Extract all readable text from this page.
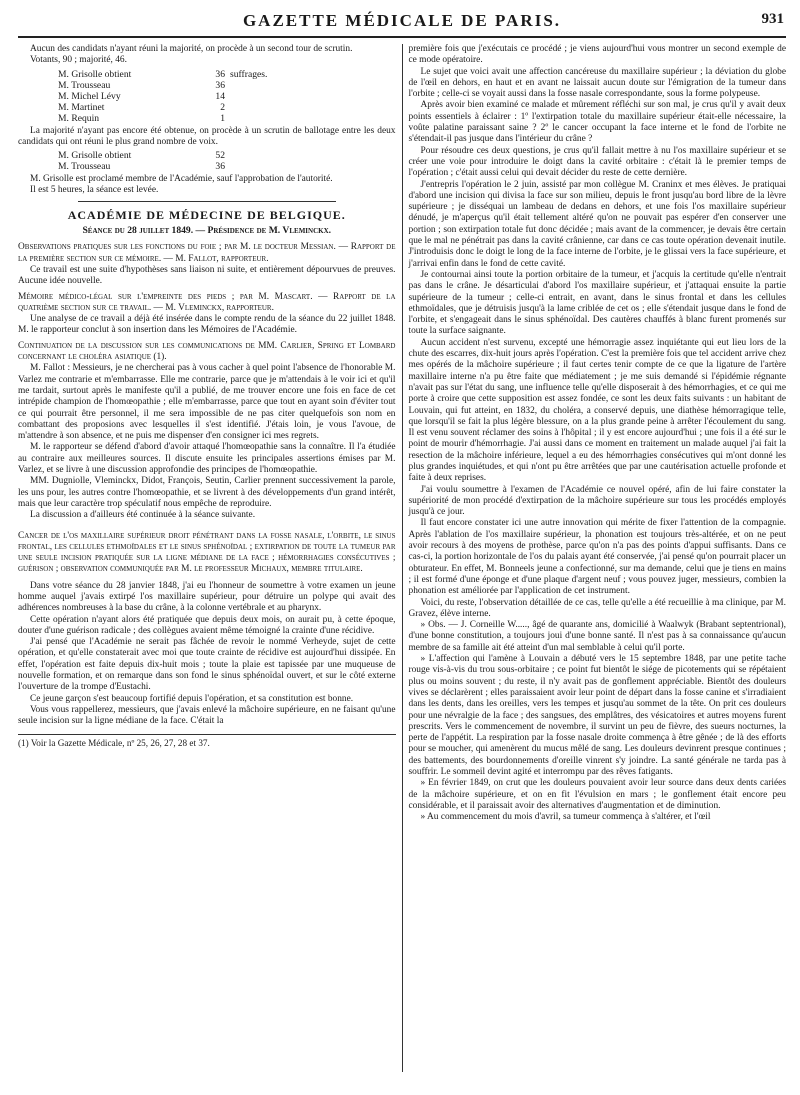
GAZETTE MÉDICALE DE PARIS.	931

Aucun des candidats n'ayant réuni la majorité, on procède à un second tour de scrutin.

Votants, 90 ; majorité, 46.

M. Grisolle obtient	36 suffrages.
M. Trousseau	36
M. Michel Lévy	14
M. Martinet	2
M. Requin	1

La majorité n'ayant pas encore été obtenue, on procède à un scrutin de ballotage entre les deux candidats qui ont réuni le plus grand nombre de voix.

M. Grisolle obtient	52
M. Trousseau	36

M. Grisolle est proclamé membre de l'Académie, sauf l'approbation de l'autorité.

Il est 5 heures, la séance est levée.

ACADÉMIE DE MÉDECINE DE BELGIQUE.
Séance du 28 juillet 1849. — Présidence de M. Vleminckx.

Observations pratiques sur les fonctions du foie ; par M. le docteur Messian. — Rapport de la première section sur ce mémoire. — M. Fallot, rapporteur.

Ce travail est une suite d'hypothèses sans liaison ni suite, et entièrement dépourvues de preuves. Aucune idée nouvelle.

Mémoire médico-légal sur l'empreinte des pieds ; par M. Mascart. — Rapport de la quatrième section sur ce travail. — M. Vleminckx, rapporteur.

Une analyse de ce travail a déjà été insérée dans le compte rendu de la séance du 22 juillet 1848. M. le rapporteur conclut à son insertion dans les Mémoires de l'Académie.

Continuation de la discussion sur les communications de MM. Carlier, Spring et Lombard concernant le choléra asiatique (1).

M. Fallot : Messieurs, je ne chercherai pas à vous cacher à quel point l'absence de l'honorable M. Varlez me contrarie et m'embarrasse. Elle me contrarie, parce que je m'attendais à le voir ici et qu'il me tardait, surtout après le manifeste qu'il a publié, de me trouver encore une fois en face de cet intrépide champion de l'homœopathie ; elle m'embarrasse, parce que tout en ayant soin d'éviter tout ce qui pourrait être personnel, il me sera impossible de ne pas citer quelquefois son nom en combattant des proposions avec lesquelles il s'est identifié. J'étais loin, je vous l'avoue, de m'attendre à son absence, et ne puis me dispenser d'en consigner ici mes regrets.

M. le rapporteur se défend d'abord d'avoir attaqué l'homœopathie sans la connaître. Il l'a étudiée au contraire aux meilleures sources. Il discute ensuite les principales assertions émises par M. Varlez, et se livre à une discussion approfondie des principes de l'homœopathie.

MM. Dugniolle, Vleminckx, Didot, François, Seutin, Carlier prennent successivement la parole, les uns pour, les autres contre l'homœopathie, et se livrent à des développements d'un grand intérêt, mais que leur caractère trop spéculatif nous empêche de reproduire.

La discussion a d'ailleurs été continuée à la séance suivante.

Cancer de l'os maxillaire supérieur droit pénétrant dans la fosse nasale, l'orbite, le sinus frontal, les cellules ethmoïdales et le sinus sphénoïdal ; extirpation de toute la tumeur par une seule incision pratiquée sur la ligne médiane de la face ; hémorrhagies consécutives ; guérison ; observation communiquée par M. le professeur Michaux, membre titulaire.

Dans votre séance du 28 janvier 1848, j'ai eu l'honneur de soumettre à votre examen un jeune homme auquel j'avais extirpé l'os maxillaire supérieur, pour détruire un polype qui avait des adhérences nombreuses à la base du crâne, à la colonne vertébrale et au pharynx.

Cette opération n'ayant alors été pratiquée que depuis deux mois, on aurait pu, à cette époque, douter d'une guérison radicale ; des collègues avaient même témoigné la crainte d'une récidive.

J'ai pensé que l'Académie ne serait pas fâchée de revoir le nommé Verheyde, sujet de cette opération, et qu'elle constaterait avec moi que toute crainte de récidive est aujourd'hui dissipée. En effet, l'opération est faite depuis dix-huit mois ; toute la plaie est tapissée par une muqueuse de nouvelle formation, et on remarque dans son fond le sinus sphénoïdal ouvert, et sur le côté externe l'ouverture de la trompe d'Eustachi.

Ce jeune garçon s'est beaucoup fortifié depuis l'opération, et sa constitution est bonne.

Vous vous rappellerez, messieurs, que j'avais enlevé la mâchoire supérieure, en ne faisant qu'une seule incision sur la ligne médiane de la face. C'était la

(1) Voir la Gazette Médicale, nº 25, 26, 27, 28 et 37.

première fois que j'exécutais ce procédé ; je viens aujourd'hui vous montrer un second exemple de ce mode opératoire.

Le sujet que voici avait une affection cancéreuse du maxillaire supérieur ; la déviation du globe de l'œil en dehors, en haut et en avant ne laissait aucun doute sur l'émigration de la tumeur dans l'orbite ; celle-ci se voyait aussi dans la fosse nasale correspondante, sous la forme polypeuse.

Après avoir bien examiné ce malade et mûrement réfléchi sur son mal, je crus qu'il y avait deux points essentiels à éclairer : 1º l'extirpation totale du maxillaire supérieur était-elle nécessaire, la voûte palatine paraissant saine ? 2º le cancer occupant la face interne et le fond de l'orbite ne s'étendait-il pas jusque dans l'intérieur du crâne ?

Pour résoudre ces deux questions, je crus qu'il fallait mettre à nu l'os maxillaire supérieur et se créer une voie pour introduire le doigt dans la cavité orbitaire : c'était là le premier temps de l'opération ; c'était aussi celui qui devait décider du reste de cette dernière.

J'entrepris l'opération le 2 juin, assisté par mon collègue M. Craninx et mes élèves. Je pratiquai d'abord une incision qui divisa la face sur son milieu, depuis le front jusqu'au bord libre de la lèvre supérieure ; je disséquai un lambeau de dedans en dehors, et une fois l'os maxillaire supérieur dénudé, je m'aperçus qu'il était tellement altéré qu'on ne pouvait pas espérer d'en conserver une portion ; son extirpation totale fut donc décidée ; mais avant de la commencer, je devais être certain que le mal ne pénétrait pas dans la cavité crânienne, car dans ce cas toute opération devenait inutile. J'introduisis donc le doigt le long de la face interne de l'orbite, je le glissai vers la face supérieure, et j'arrivai enfin dans le fond de cette cavité.

Je contournai ainsi toute la portion orbitaire de la tumeur, et j'acquis la certitude qu'elle n'entrait pas dans le crâne. Je désarticulai d'abord l'os maxillaire supérieur, et j'attaquai ensuite la partie supérieure de la tumeur ; celle-ci entrait, en avant, dans le sinus frontal et dans les cellules ethmoïdales, que je détruisis jusqu'à la lame criblée de cet os ; elle s'étendait jusque dans le fond de l'orbite, et s'engageait dans le sinus sphénoïdal. Des cautères chauffés à blanc furent promenés sur toute la surface saignante.

Aucun accident n'est survenu, excepté une hémorragie assez inquiétante qui eut lieu lors de la chute des escarres, dix-huit jours après l'opération. C'est la première fois que tel accident arrive chez mes opérés de la mâchoire supérieure ; il faut certes tenir compte de ce que la ligature de l'artère maxillaire interne n'a pu être faite que médiatement ; je me suis demandé si l'épidémie régnante n'avait pas sur l'état du sang, une influence telle qu'elle disposerait à des hémorrhagies, et ce qui me porte à croire que cette supposition est assez fondée, ce sont les deux faits suivants : un habitant de Louvain, qui fut atteint, en 1832, du choléra, a conservé depuis, une diathèse hémorragique telle, que lorsqu'il se fait la plus légère blessure, on a la plus grande peine à arrêter l'écoulement du sang. Il est venu souvent réclamer des soins à l'hôpital ; il y est encore aujourd'hui ; une fois il a été sur le point de mourir d'hémorrhagie. J'ai aussi dans ce moment en traitement un malade auquel j'ai fait la resection de la mâchoire inférieure, lequel a eu des hémorrhagies consécutives qui m'ont donné les plus grandes inquiétudes, et qui n'ont pu être arrêtées que par une cautérisation actuelle profonde et faite à deux reprises.

J'ai voulu soumettre à l'examen de l'Académie ce nouvel opéré, afin de lui faire constater la supériorité de mon procédé d'extirpation de la mâchoire supérieure sur tous les procédés employés jusqu'à ce jour.

Il faut encore constater ici une autre innovation qui mérite de fixer l'attention de la compagnie. Après l'ablation de l'os maxillaire supérieur, la phonation est toujours très-altérée, et on ne peut avoir recours à des moyens de prothèse, parce qu'on n'a pas des points d'appui suffisants. Dans ce cas-ci, la portion horizontale de l'os du palais ayant été conservée, j'ai pensé qu'on pourrait placer un obturateur. En effet, M. Bonneels jeune a confectionné, sur ma demande, celui que je tiens en mains ; il est formé d'une éponge et d'une plaque d'argent neuf ; vous pouvez juger, messieurs, combien la phonation est améliorée par l'application de cet instrument.

Voici, du reste, l'observation détaillée de ce cas, telle qu'elle a été recueillie à ma clinique, par M. Gravez, élève interne.

» Obs. — J. Corneille W....., âgé de quarante ans, domicilié à Waalwyk (Brabant septentrional), d'une bonne constitution, a toujours joui d'une bonne santé. Il n'est pas à sa connaissance qu'aucun membre de sa famille ait été atteint d'un mal semblable à celui qu'il porte.

» L'affection qui l'amène à Louvain a débuté vers le 15 septembre 1848, par une petite tache rouge vis-à-vis du trou sous-orbitaire ; ce point fut bientôt le siége de picotements qui se répétaient plus ou moins souvent ; du reste, il n'y avait pas de gonflement appréciable. Bientôt des douleurs vives se déclarèrent ; elles paraissaient avoir leur point de départ dans la fosse canine et s'irradiaient dans les dents, dans les oreilles, vers les tempes et jusqu'au sommet de la tête. On prit ces douleurs pour une névralgie de la face ; des sangsues, des emplâtres, des vésicatoires et autres moyens furent prescrits. Vers le commencement de novembre, il survint un peu de fièvre, des sueurs nocturnes, la perte de l'appétit. La respiration par la fosse nasale droite commença à être gênée ; de là des efforts pour se moucher, qui amenèrent du mucus mêlé de sang. Les douleurs devinrent presque continues ; des battements, des bourdonnements d'oreille vinrent s'y joindre. La santé générale ne tarda pas à souffrir. Le sommeil devint agité et interrompu par des rêves fatigants.

» En février 1849, on crut que les douleurs pouvaient avoir leur source dans deux dents cariées de la mâchoire supérieure, et on en fit l'évulsion en mars ; le gonflement était encore peu considérable, et il paraissait avoir des alternatives d'augmentation et de diminution.

» Au commencement du mois d'avril, sa tumeur commença à s'altérer, et l'œil
